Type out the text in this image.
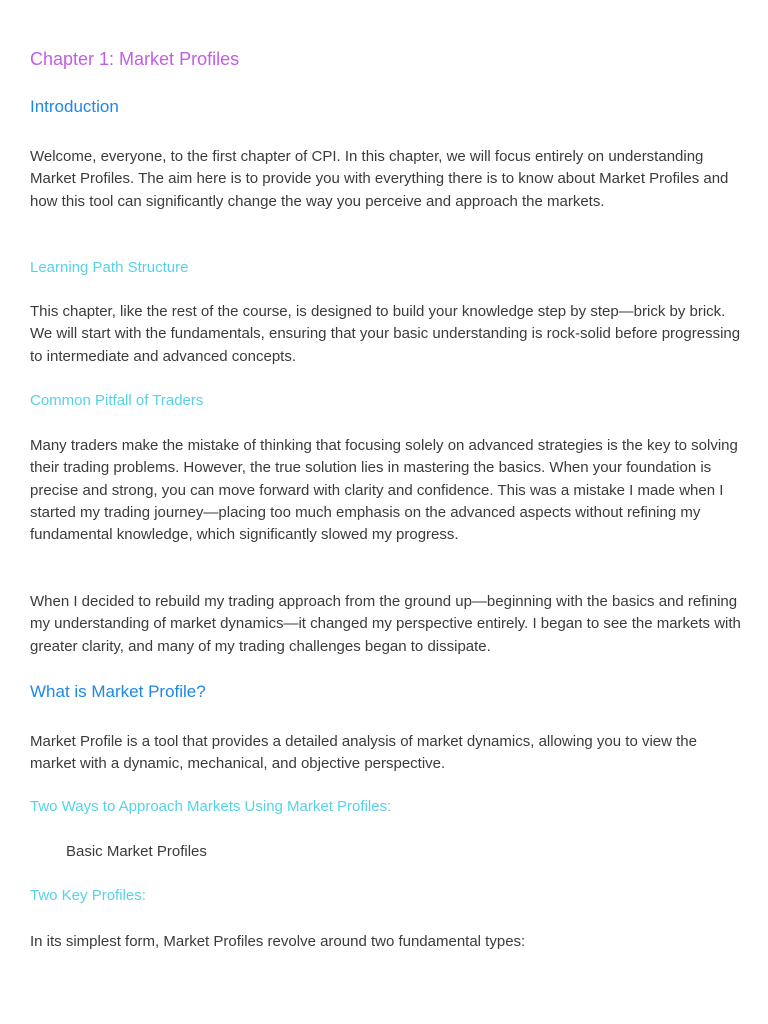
Chapter 1: Market Profiles
Introduction

Welcome, everyone, to the first chapter of CPI. In this chapter, we will focus entirely on understanding Market Profiles. The aim here is to provide you with everything there is to know about Market Profiles and how this tool can significantly change the way you perceive and approach the markets.

Learning Path Structure

This chapter, like the rest of the course, is designed to build your knowledge step by step—brick by brick. We will start with the fundamentals, ensuring that your basic understanding is rock-solid before progressing to intermediate and advanced concepts.

Common Pitfall of Traders

Many traders make the mistake of thinking that focusing solely on advanced strategies is the key to solving their trading problems. However, the true solution lies in mastering the basics. When your foundation is precise and strong, you can move forward with clarity and confidence. This was a mistake I made when I started my trading journey—placing too much emphasis on the advanced aspects without refining my fundamental knowledge, which significantly slowed my progress.

When I decided to rebuild my trading approach from the ground up—beginning with the basics and refining my understanding of market dynamics—it changed my perspective entirely. I began to see the markets with greater clarity, and many of my trading challenges began to dissipate.

What is Market Profile?

Market Profile is a tool that provides a detailed analysis of market dynamics, allowing you to view the market with a dynamic, mechanical, and objective perspective.

Two Ways to Approach Markets Using Market Profiles:
Basic Market Profiles
Two Key Profiles:

In its simplest form, Market Profiles revolve around two fundamental types:
